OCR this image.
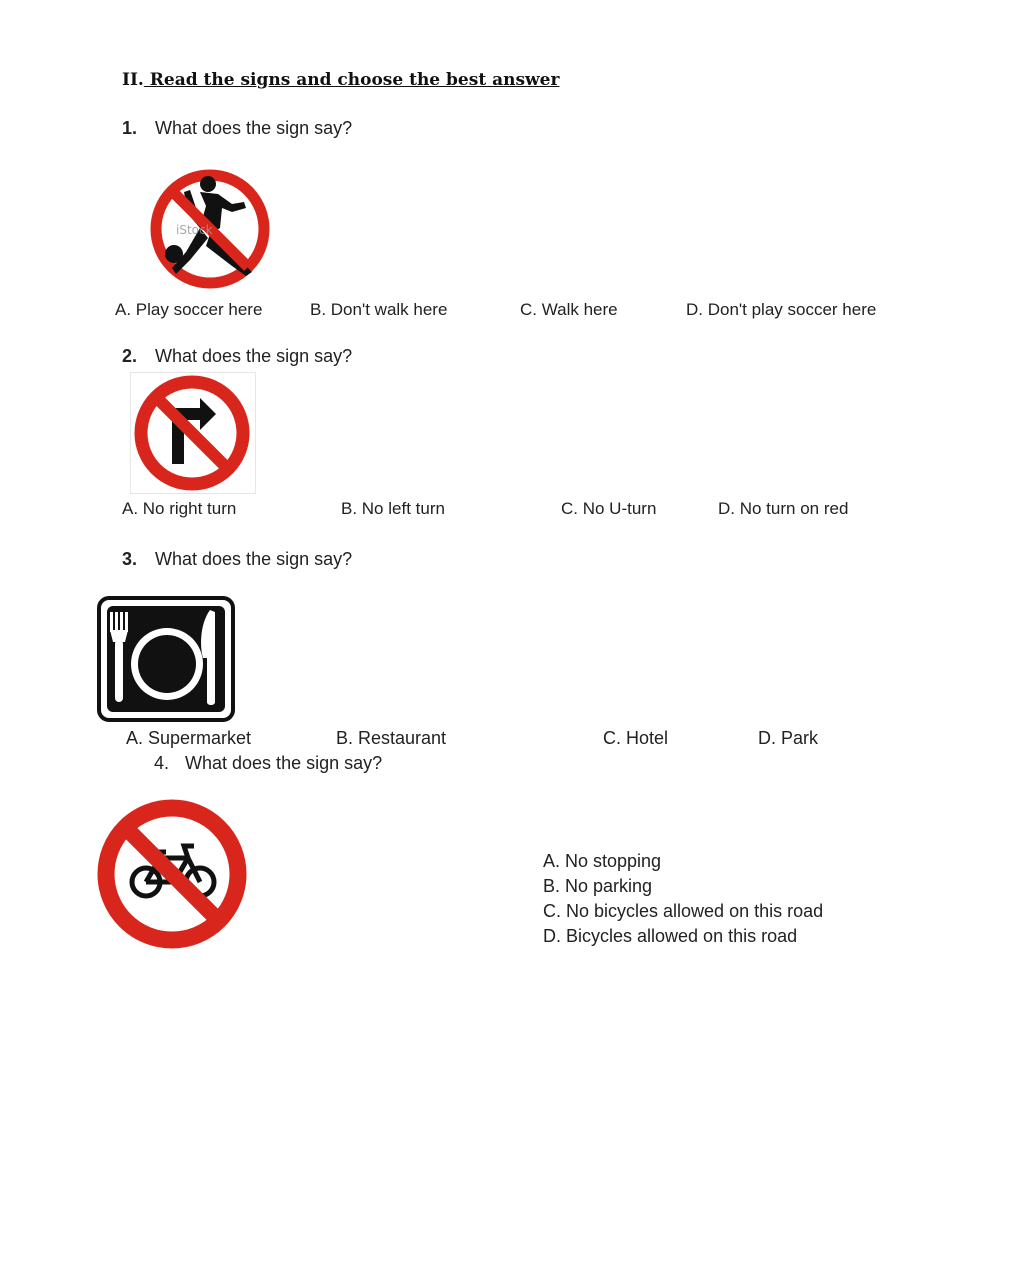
II. Read the signs and choose the best answer
1. What does the sign say?
iStock
A. Play soccer here	B. Don't walk here	C. Walk here	D. Don't play soccer here
2. What does the sign say?
A. No right turn	B. No left turn	C. No U-turn	D. No turn on red
3. What does the sign say?
A. Supermarket	B. Restaurant	C. Hotel	D. Park
4. What does the sign say?
A. No stopping
B. No parking
C. No bicycles allowed on this road
D. Bicycles allowed on this road
